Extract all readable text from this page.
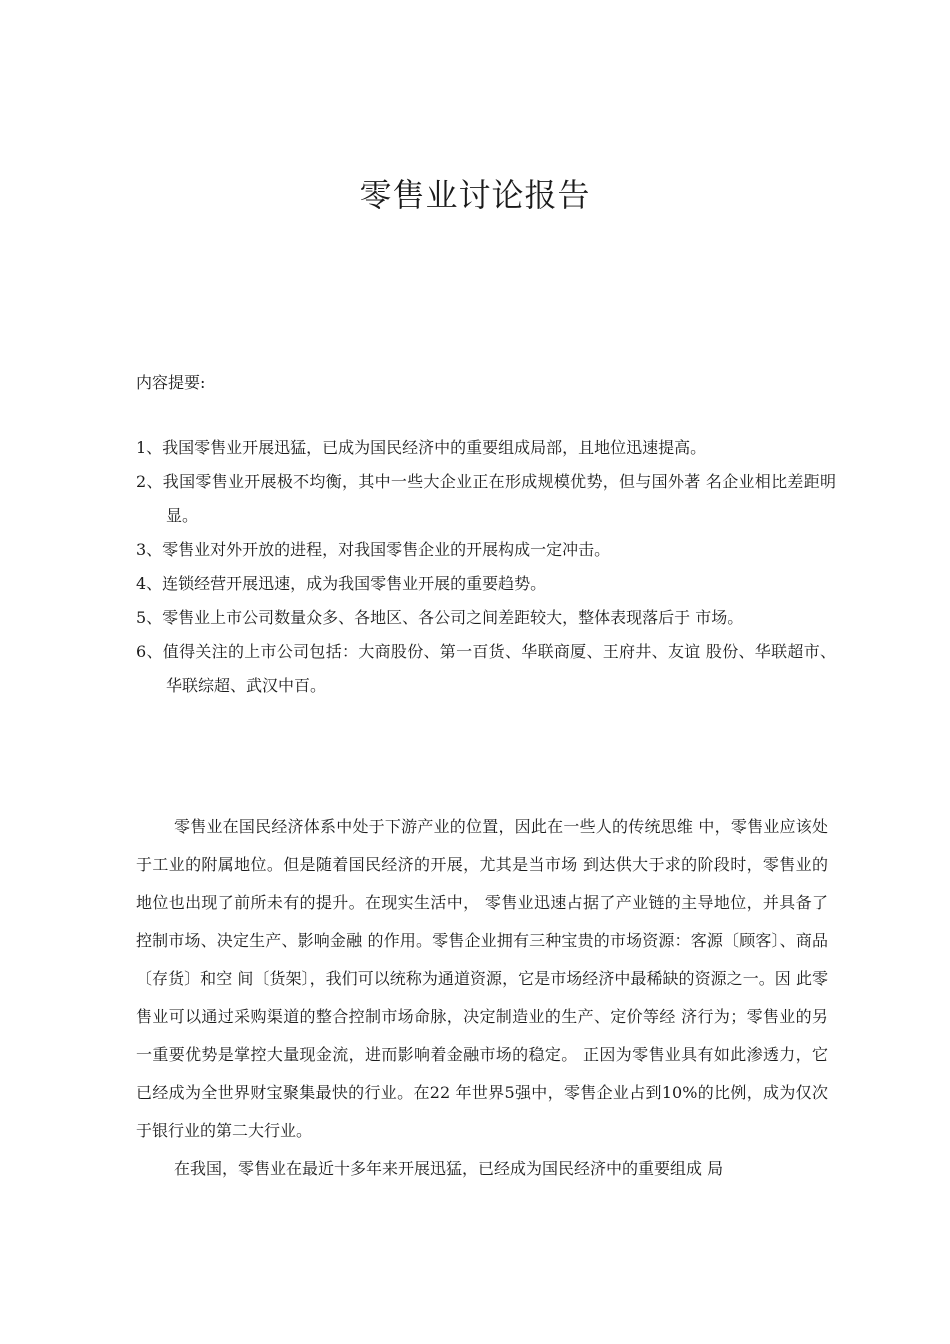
零售业讨论报告
内容提要:
1、我国零售业开展迅猛，已成为国民经济中的重要组成局部，且地位迅速提高。
2、我国零售业开展极不均衡，其中一些大企业正在形成规模优势，但与国外著 名企业相比差距明显。
3、零售业对外开放的进程，对我国零售企业的开展构成一定冲击。
4、连锁经营开展迅速，成为我国零售业开展的重要趋势。
5、零售业上市公司数量众多、各地区、各公司之间差距较大，整体表现落后于 市场。
6、值得关注的上市公司包括：大商股份、第一百货、华联商厦、王府井、友谊 股份、华联超市、华联综超、武汉中百。

零售业在国民经济体系中处于下游产业的位置，因此在一些人的传统思维 中，零售业应该处于工业的附属地位。但是随着国民经济的开展，尤其是当市场 到达供大于求的阶段时，零售业的地位也出现了前所未有的提升。在现实生活中， 零售业迅速占据了产业链的主导地位，并具备了控制市场、决定生产、影响金融 的作用。零售企业拥有三种宝贵的市场资源：客源〔顾客〕、商品〔存货〕和空 间〔货架〕，我们可以统称为通道资源，它是市场经济中最稀缺的资源之一。因 此零售业可以通过采购渠道的整合控制市场命脉，决定制造业的生产、定价等经 济行为；零售业的另一重要优势是掌控大量现金流，进而影响着金融市场的稳定。 正因为零售业具有如此渗透力，它已经成为全世界财宝聚集最快的行业。在22 年世界5强中，零售企业占到10%的比例，成为仅次于银行业的第二大行业。

在我国，零售业在最近十多年来开展迅猛，已经成为国民经济中的重要组成 局
